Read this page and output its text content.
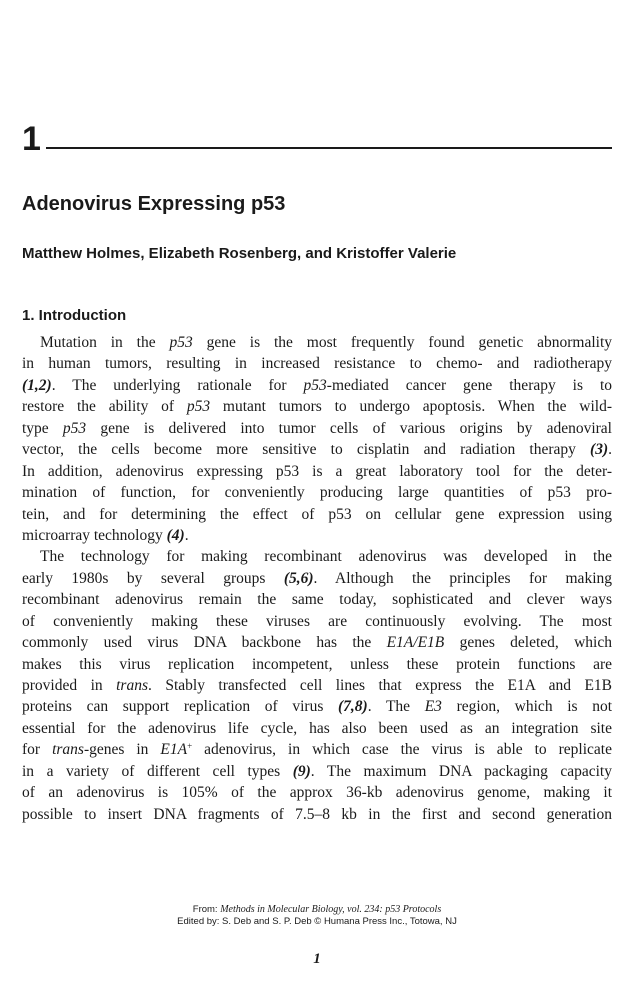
1
Adenovirus Expressing p53

Matthew Holmes, Elizabeth Rosenberg, and Kristoffer Valerie

1. Introduction
Mutation in the p53 gene is the most frequently found genetic abnormality
in human tumors, resulting in increased resistance to chemo- and radiotherapy
(1,2). The underlying rationale for p53-mediated cancer gene therapy is to
restore the ability of p53 mutant tumors to undergo apoptosis. When the wild-
type p53 gene is delivered into tumor cells of various origins by adenoviral
vector, the cells become more sensitive to cisplatin and radiation therapy (3).
In addition, adenovirus expressing p53 is a great laboratory tool for the deter-
mination of function, for conveniently producing large quantities of p53 pro-
tein, and for determining the effect of p53 on cellular gene expression using
microarray technology (4).
The technology for making recombinant adenovirus was developed in the
early 1980s by several groups (5,6). Although the principles for making
recombinant adenovirus remain the same today, sophisticated and clever ways
of conveniently making these viruses are continuously evolving. The most
commonly used virus DNA backbone has the E1A/E1B genes deleted, which
makes this virus replication incompetent, unless these protein functions are
provided in trans. Stably transfected cell lines that express the E1A and E1B
proteins can support replication of virus (7,8). The E3 region, which is not
essential for the adenovirus life cycle, has also been used as an integration site
for trans-genes in E1A+ adenovirus, in which case the virus is able to replicate
in a variety of different cell types (9). The maximum DNA packaging capacity
of an adenovirus is 105% of the approx 36-kb adenovirus genome, making it
possible to insert DNA fragments of 7.5–8 kb in the first and second generation
From: Methods in Molecular Biology, vol. 234: p53 Protocols
Edited by: S. Deb and S. P. Deb © Humana Press Inc., Totowa, NJ
1
